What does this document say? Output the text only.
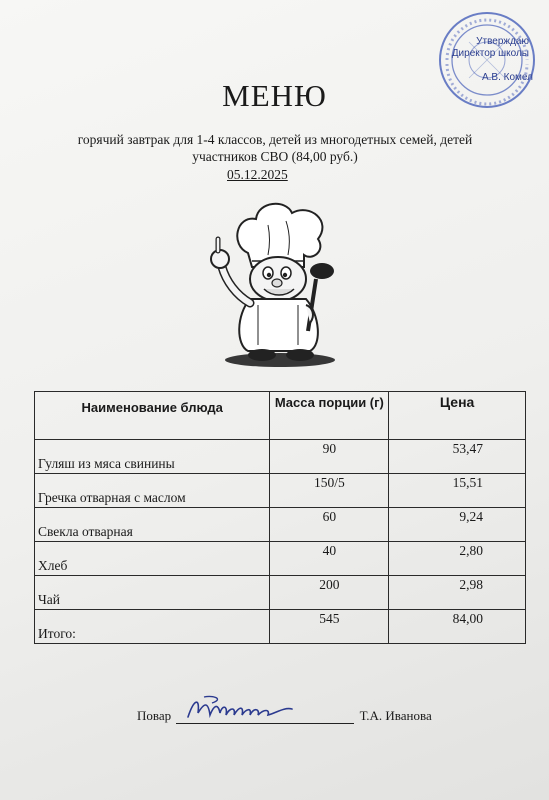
Утверждаю
Директор школы
А.В. Комел
МЕНЮ
горячий завтрак для 1-4 классов, детей из многодетных семей, детей
участников СВО (84,00 руб.)
05.12.2025
Наименование блюда	Масса порции (г)	Цена

Гуляш из мяса свинины	90	53,47

Гречка отварная с маслом	150/5	15,51

Свекла отварная	60	9,24

Хлеб	40	2,80

Чай	200	2,98

Итого:	545	84,00
Повар	Т.А. Иванова
